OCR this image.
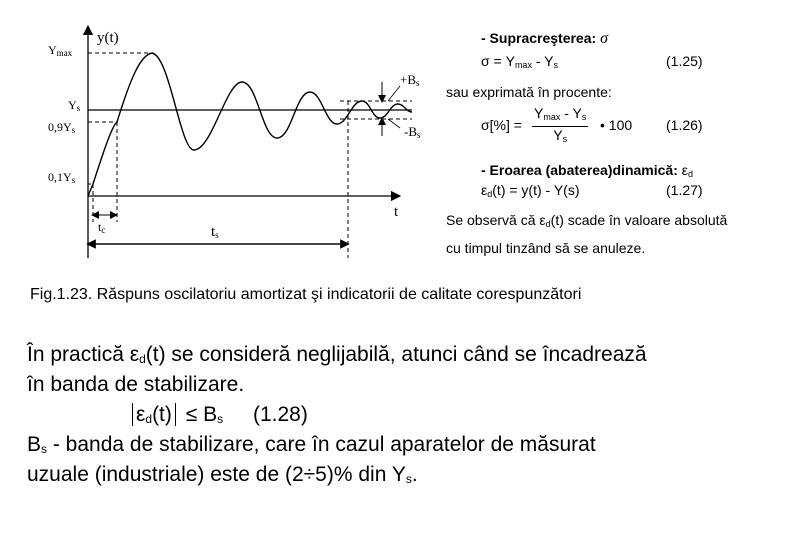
y(t)
t
$Y_{max}$
$Y_s$
$0,9Y_s$
$0,1Y_s$
$+B_s$
$-B_s$
$t_c$	$t_s$
- Supracreşterea: σ
$\sigma = Y_{max} - Y_s$	(1.25)
sau exprimată în procente:
$\sigma[\%] = \frac{Y_{max} - Y_s}{Y_s}$ • 100 (1.26)
- Eroarea (abaterea)dinamică: $\varepsilon_d$
$\varepsilon_d(t) = y(t) - Y(s)$	(1.27)
Se observă că $\varepsilon_d(t)$ scade în valoare absolută
cu timpul tinzând să se anuleze.
Fig.1.23. Răspuns oscilatoriu amortizat şi indicatorii de calitate corespunzători
În practică $\varepsilon_d(t)$ se consideră neglijabilă, atunci când se încadrează
în banda de stabilizare.
$\varepsilon_d(t) \le B_s$ (1.28)
$B_s$ - banda de stabilizare, care în cazul aparatelor de măsurat
uzuale (industriale) este de (2÷5)% din $Y_s$.
